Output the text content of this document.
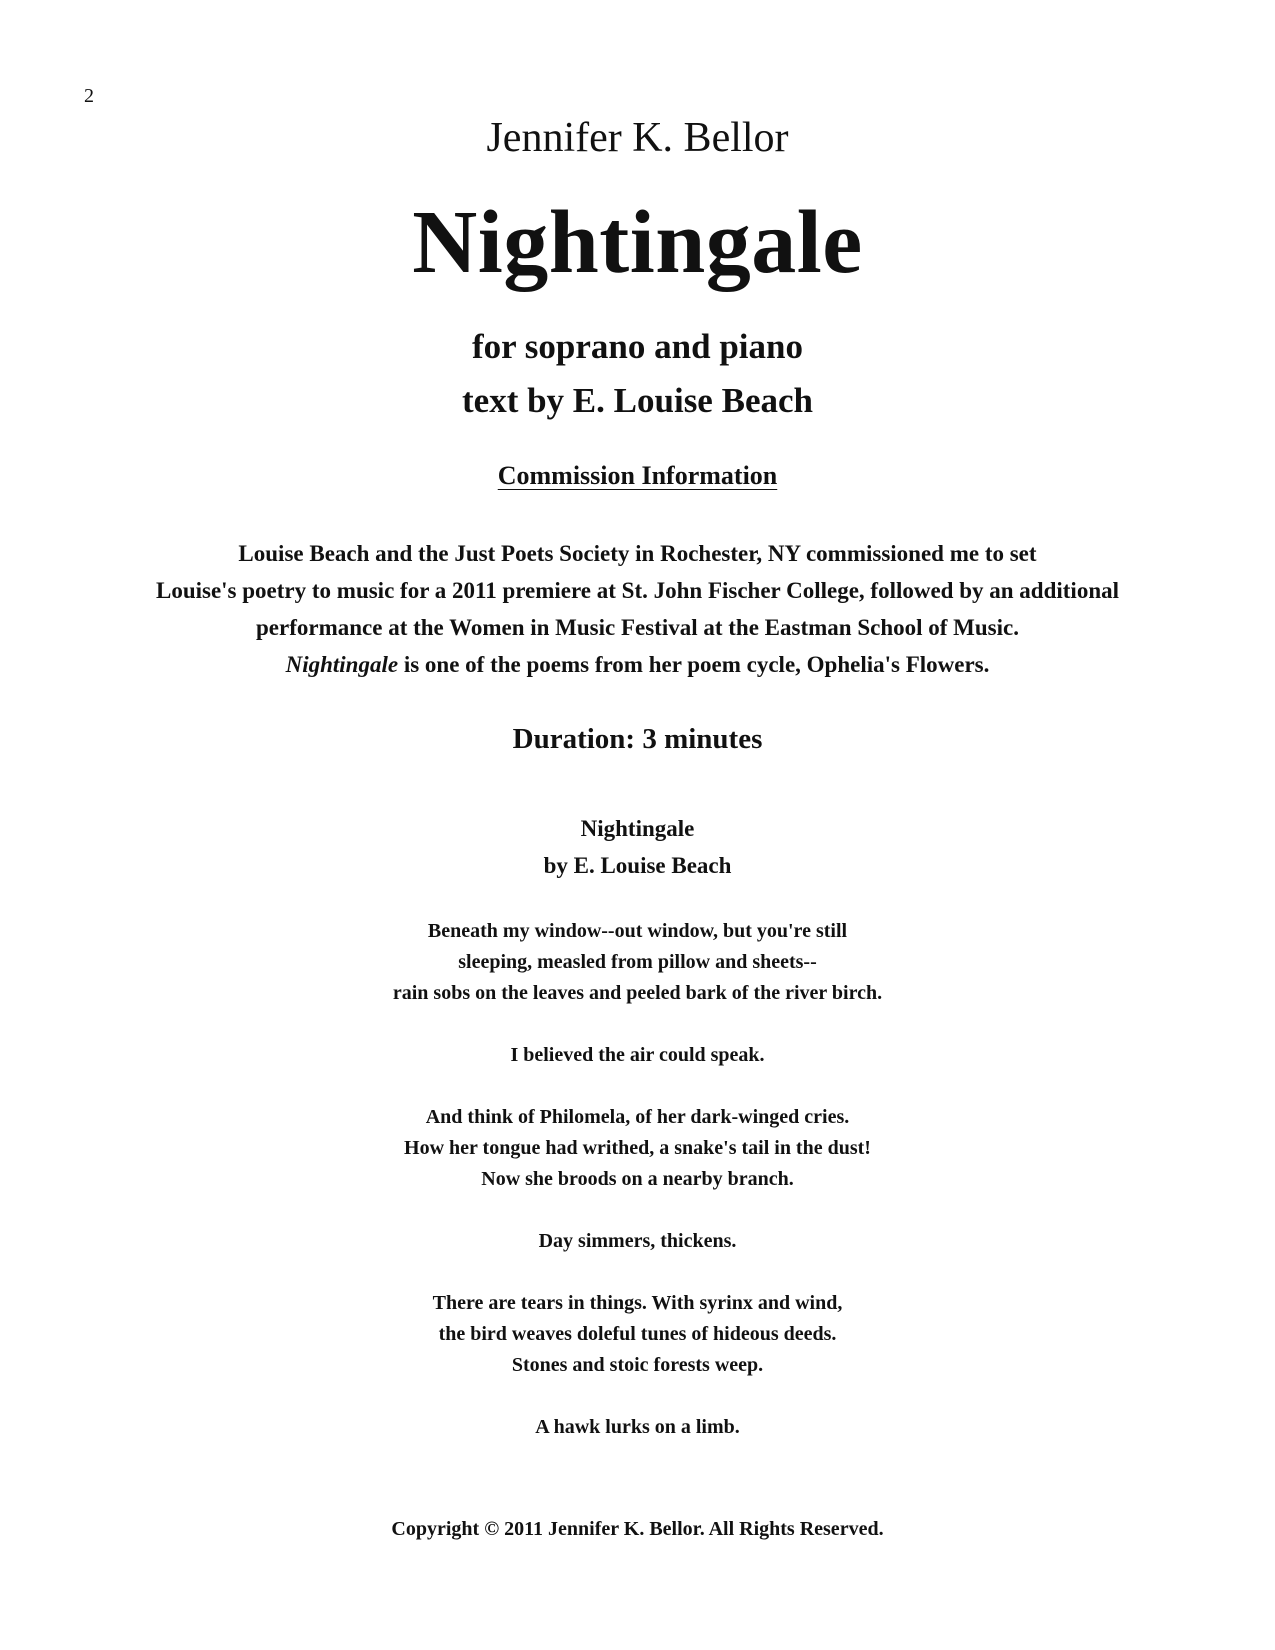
2
Jennifer K. Bellor
Nightingale
for soprano and piano
text by E. Louise Beach
Commission Information
Louise Beach and the Just Poets Society in Rochester, NY commissioned me to set
Louise's poetry to music for a 2011 premiere at St. John Fischer College, followed by an additional
performance at the Women in Music Festival at the Eastman School of Music.
Nightingale is one of the poems from her poem cycle, Ophelia's Flowers.
Duration: 3 minutes
Nightingale
by E. Louise Beach
Beneath my window--out window, but you're still
sleeping, measled from pillow and sheets--
rain sobs on the leaves and peeled bark of the river birch.
I believed the air could speak.
And think of Philomela, of her dark-winged cries.
How her tongue had writhed, a snake's tail in the dust!
Now she broods on a nearby branch.
Day simmers, thickens.
There are tears in things. With syrinx and wind,
the bird weaves doleful tunes of hideous deeds.
Stones and stoic forests weep.
A hawk lurks on a limb.
Copyright © 2011 Jennifer K. Bellor. All Rights Reserved.
